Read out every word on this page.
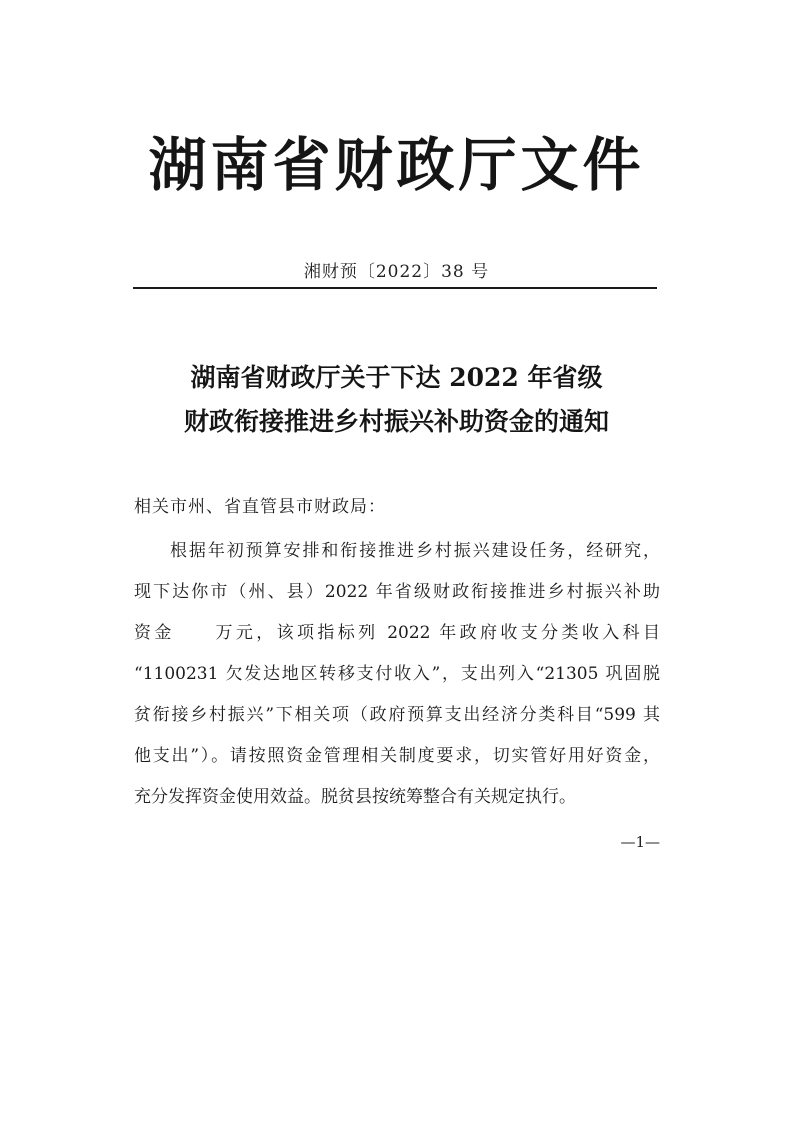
湖南省财政厅文件
湘财预〔2022〕38 号
湖南省财政厅关于下达 2022 年省级
财政衔接推进乡村振兴补助资金的通知
相关市州、省直管县市财政局：
根据年初预算安排和衔接推进乡村振兴建设任务，经研究，
现下达你市（州、县）2022 年省级财政衔接推进乡村振兴补助
资金　　万元，该项指标列 2022 年政府收支分类收入科目
“1100231 欠发达地区转移支付收入”，支出列入“21305 巩固脱
贫衔接乡村振兴”下相关项（政府预算支出经济分类科目“599 其
他支出”）。请按照资金管理相关制度要求，切实管好用好资金，
充分发挥资金使用效益。脱贫县按统筹整合有关规定执行。
—1—
